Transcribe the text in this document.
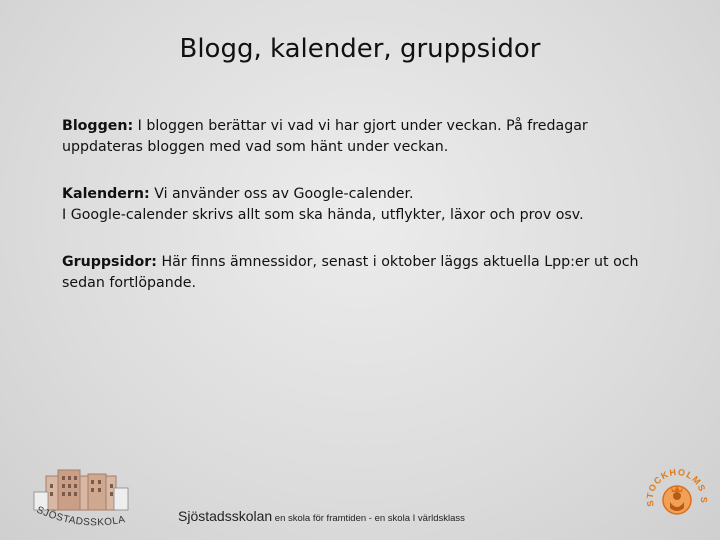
Blogg, kalender, gruppsidor

Bloggen: I bloggen berättar vi vad vi har gjort under veckan. På fredagar
uppdateras bloggen med vad som hänt under veckan.

Kalendern: Vi använder oss av Google-calender.
I Google-calender skrivs allt som ska hända, utflykter, läxor och prov osv.

Gruppsidor: Här finns ämnessidor, senast i oktober läggs aktuella Lpp:er ut och
sedan fortlöpande.

SJÖSTADSSKOLA
STOCKHOLMS S
Sjöstadsskolan en skola för framtiden - en skola I världsklass
